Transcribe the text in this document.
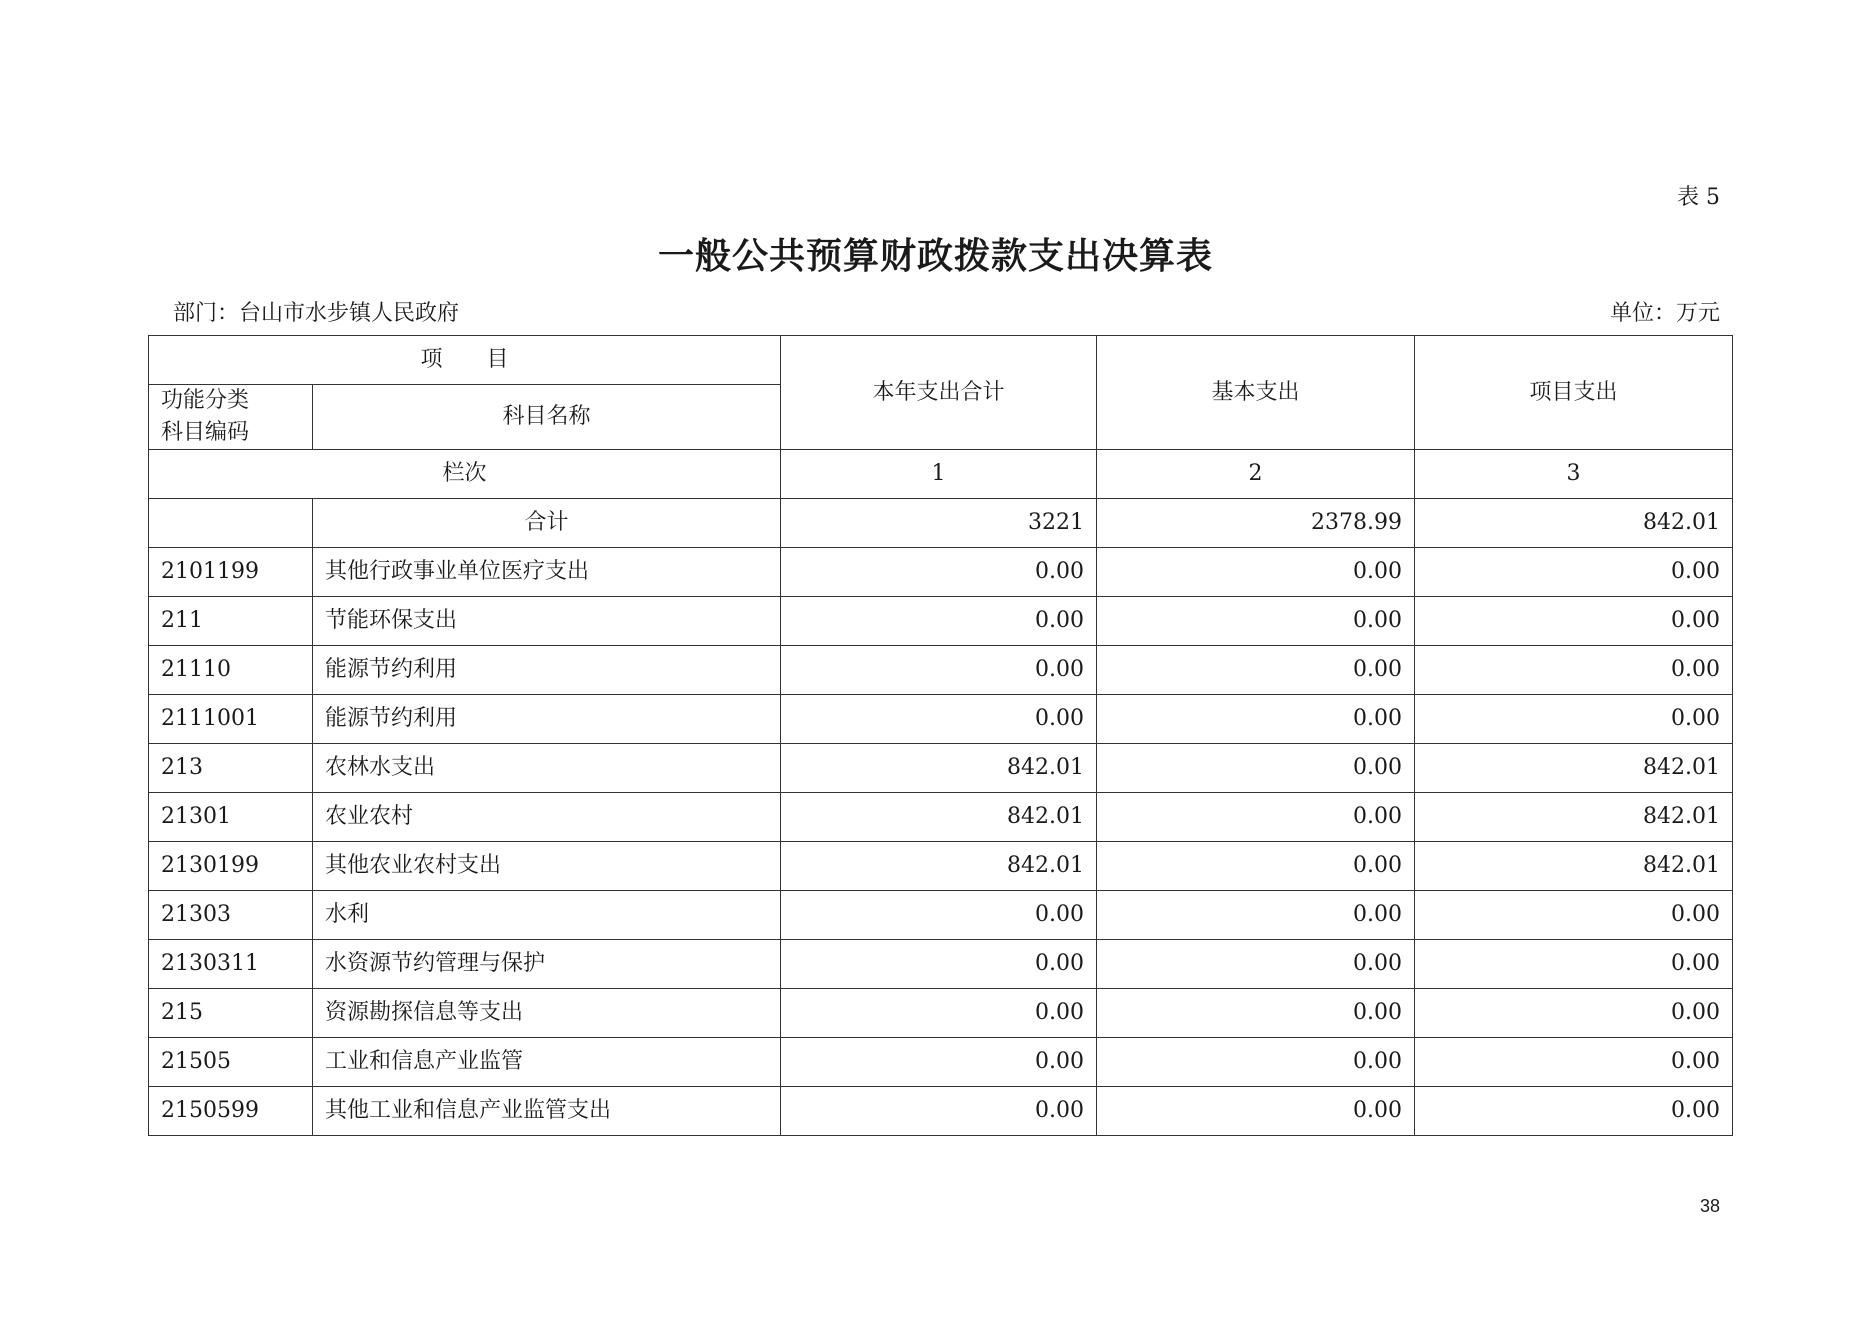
表 5
一般公共预算财政拨款支出决算表
部门：台山市水步镇人民政府	单位：万元
项　　目		本年支出合计	基本支出	项目支出

功能分类
科目编码	科目名称			
栏次		1	2	3
	合计	3221	2378.99	842.01
2101199	其他行政事业单位医疗支出	0.00	0.00	0.00
211	节能环保支出	0.00	0.00	0.00
21110	能源节约利用	0.00	0.00	0.00
2111001	能源节约利用	0.00	0.00	0.00
213	农林水支出	842.01	0.00	842.01
21301	农业农村	842.01	0.00	842.01
2130199	其他农业农村支出	842.01	0.00	842.01
21303	水利	0.00	0.00	0.00
2130311	水资源节约管理与保护	0.00	0.00	0.00
215	资源勘探信息等支出	0.00	0.00	0.00
21505	工业和信息产业监管	0.00	0.00	0.00
2150599	其他工业和信息产业监管支出	0.00	0.00	0.00
38
